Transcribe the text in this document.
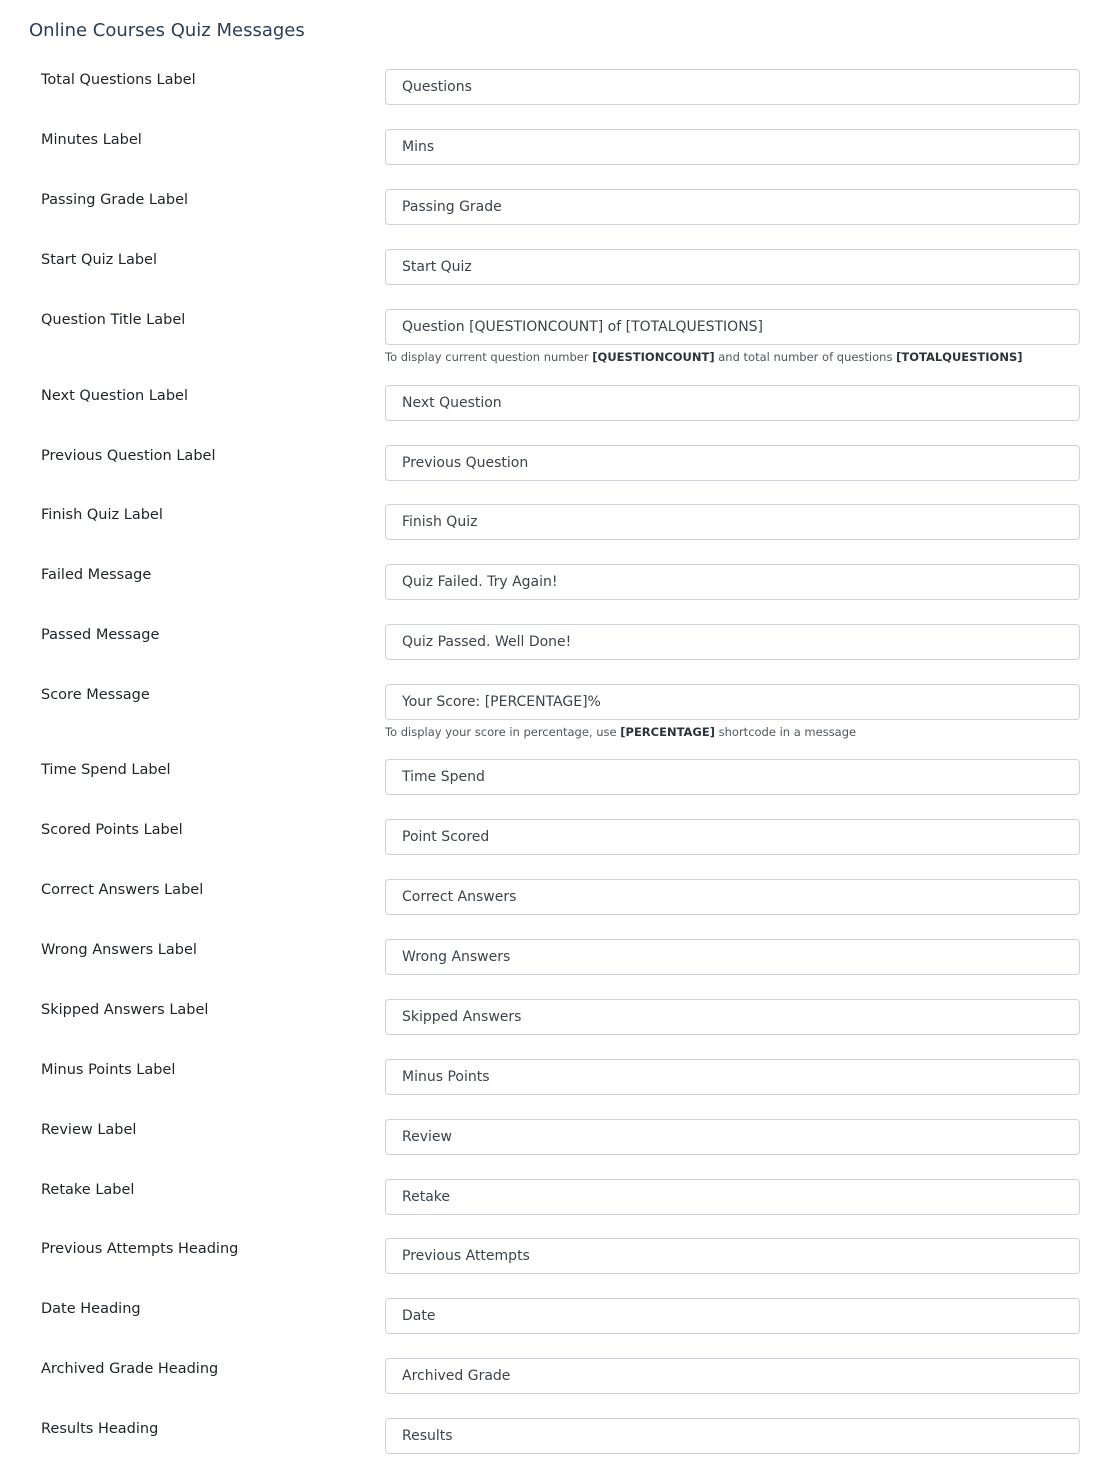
Online Courses Quiz Messages
Total Questions Label
Questions
Minutes Label
Mins
Passing Grade Label
Passing Grade
Start Quiz Label
Start Quiz
Question Title Label
Question [QUESTIONCOUNT] of [TOTALQUESTIONS]
To display current question number [QUESTIONCOUNT] and total number of questions [TOTALQUESTIONS]
Next Question Label
Next Question
Previous Question Label
Previous Question
Finish Quiz Label
Finish Quiz
Failed Message
Quiz Failed. Try Again!
Passed Message
Quiz Passed. Well Done!
Score Message
Your Score: [PERCENTAGE]%
To display your score in percentage, use [PERCENTAGE] shortcode in a message
Time Spend Label
Time Spend
Scored Points Label
Point Scored
Correct Answers Label
Correct Answers
Wrong Answers Label
Wrong Answers
Skipped Answers Label
Skipped Answers
Minus Points Label
Minus Points
Review Label
Review
Retake Label
Retake
Previous Attempts Heading
Previous Attempts
Date Heading
Date
Archived Grade Heading
Archived Grade
Results Heading
Results
